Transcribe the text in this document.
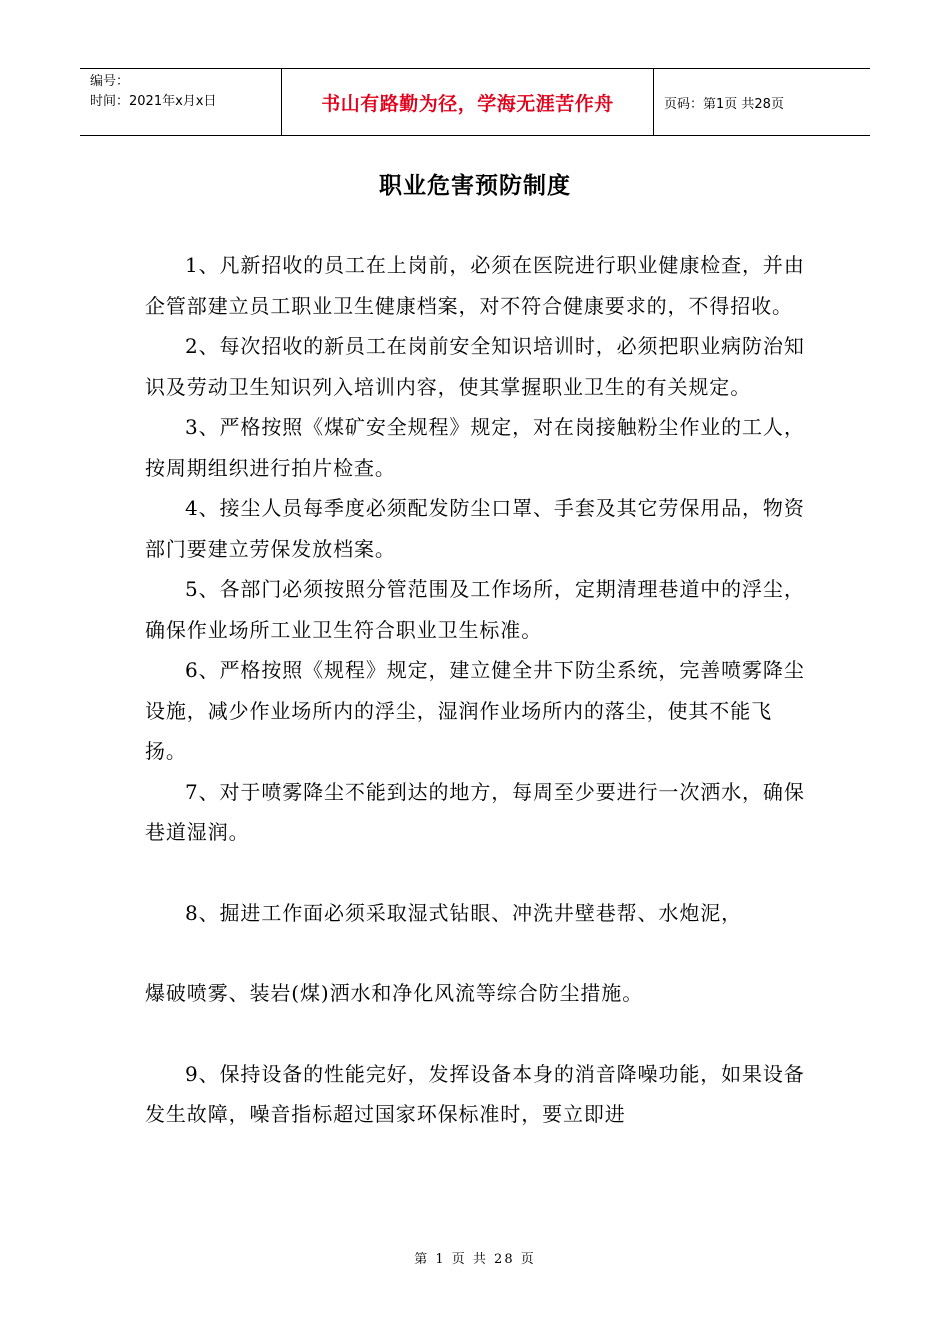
编号：
时间：2021年x月x日	书山有路勤为径，学海无涯苦作舟	页码：第1页 共28页
职业危害预防制度

1、凡新招收的员工在上岗前，必须在医院进行职业健康检查，并由企管部建立员工职业卫生健康档案，对不符合健康要求的，不得招收。

2、每次招收的新员工在岗前安全知识培训时，必须把职业病防治知识及劳动卫生知识列入培训内容，使其掌握职业卫生的有关规定。

3、严格按照《煤矿安全规程》规定，对在岗接触粉尘作业的工人，按周期组织进行拍片检查。

4、接尘人员每季度必须配发防尘口罩、手套及其它劳保用品，物资部门要建立劳保发放档案。

5、各部门必须按照分管范围及工作场所，定期清理巷道中的浮尘，确保作业场所工业卫生符合职业卫生标准。

6、严格按照《规程》规定，建立健全井下防尘系统，完善喷雾降尘设施，减少作业场所内的浮尘，湿润作业场所内的落尘，使其不能飞扬。

7、对于喷雾降尘不能到达的地方，每周至少要进行一次洒水，确保巷道湿润。

8、掘进工作面必须采取湿式钻眼、冲洗井壁巷帮、水炮泥，

爆破喷雾、装岩(煤)洒水和净化风流等综合防尘措施。

9、保持设备的性能完好，发挥设备本身的消音降噪功能，如果设备发生故障，噪音指标超过国家环保标准时，要立即进

第 1 页 共 28 页
